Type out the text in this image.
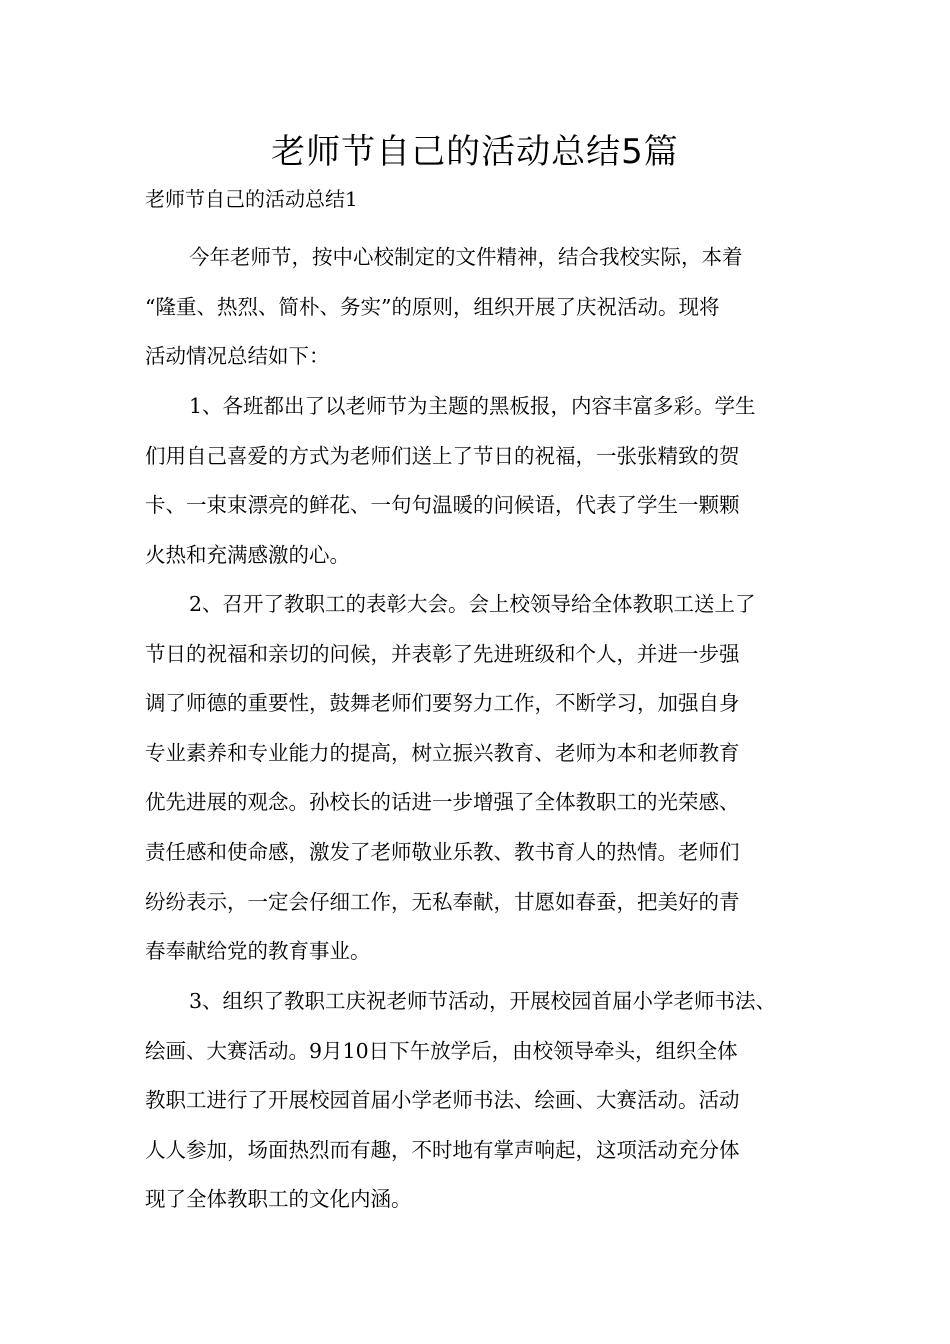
老师节自己的活动总结5篇
老师节自己的活动总结1
今年老师节，按中心校制定的文件精神，结合我校实际，本着
“隆重、热烈、简朴、务实”的原则，组织开展了庆祝活动。现将
活动情况总结如下：
1、各班都出了以老师节为主题的黑板报，内容丰富多彩。学生
们用自己喜爱的方式为老师们送上了节日的祝福，一张张精致的贺
卡、一束束漂亮的鲜花、一句句温暖的问候语，代表了学生一颗颗
火热和充满感激的心。
2、召开了教职工的表彰大会。会上校领导给全体教职工送上了
节日的祝福和亲切的问候，并表彰了先进班级和个人，并进一步强
调了师德的重要性，鼓舞老师们要努力工作，不断学习，加强自身
专业素养和专业能力的提高，树立振兴教育、老师为本和老师教育
优先进展的观念。孙校长的话进一步增强了全体教职工的光荣感、
责任感和使命感，激发了老师敬业乐教、教书育人的热情。老师们
纷纷表示，一定会仔细工作，无私奉献，甘愿如春蚕，把美好的青
春奉献给党的教育事业。
3、组织了教职工庆祝老师节活动，开展校园首届小学老师书法、
绘画、大赛活动。9月10日下午放学后，由校领导牵头，组织全体
教职工进行了开展校园首届小学老师书法、绘画、大赛活动。活动
人人参加，场面热烈而有趣，不时地有掌声响起，这项活动充分体
现了全体教职工的文化内涵。
